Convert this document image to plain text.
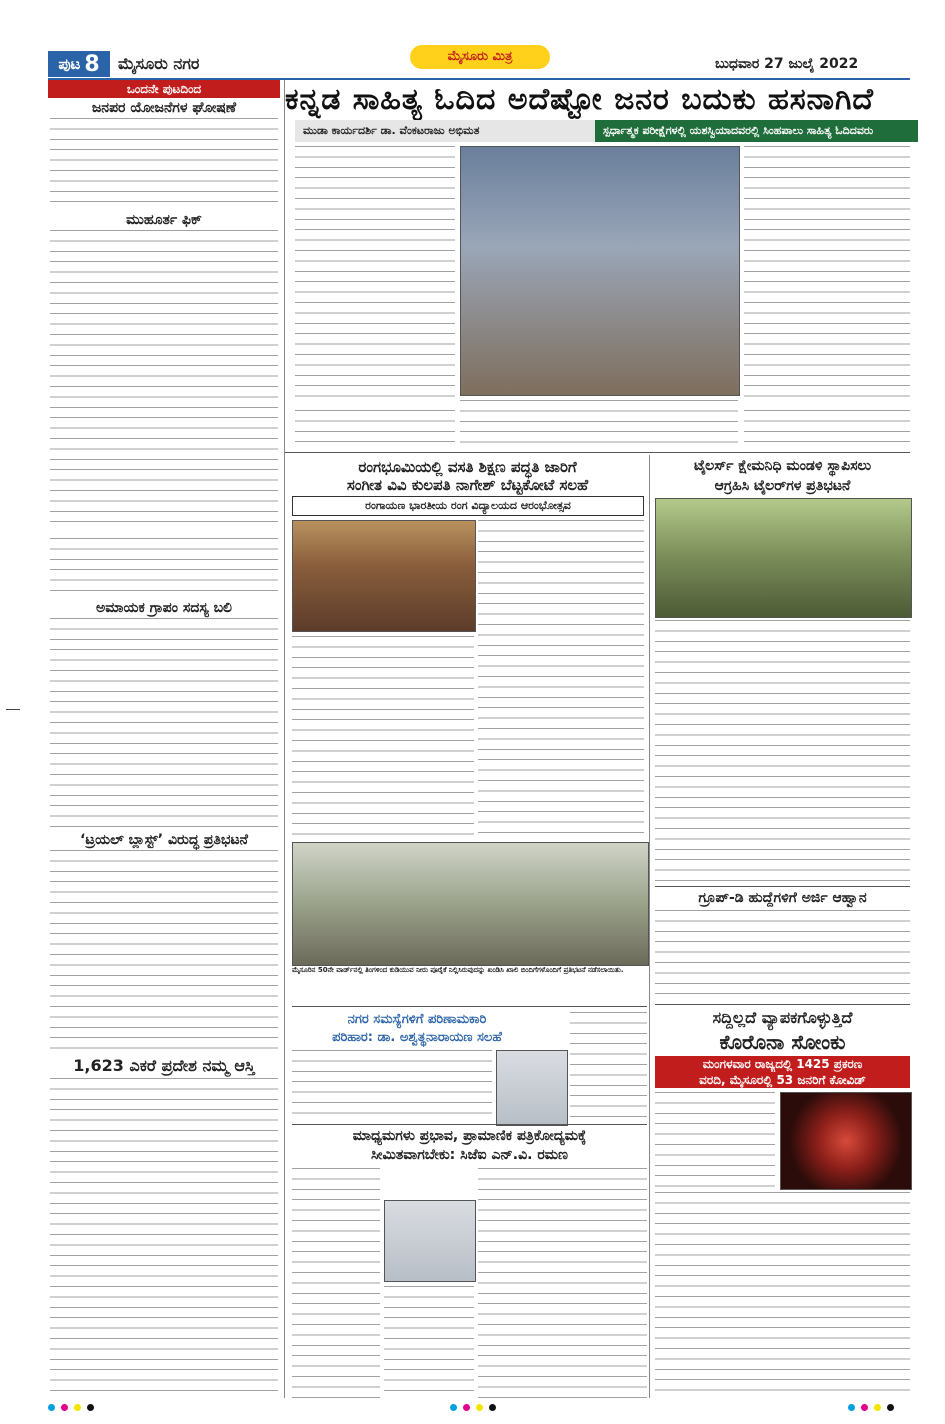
ಪುಟ 8 ಮೈಸೂರು ನಗರ	ಮೈಸೂರು ಮಿತ್ರ	ಬುಧವಾರ 27 ಜುಲೈ 2022
ಒಂದನೇ ಪುಟದಿಂದ
ಜನಪರ ಯೋಜನೆಗಳ ಘೋಷಣೆ
ಮುಹೂರ್ತ ಫಿಕ್
ಅಮಾಯಕ ಗ್ರಾಪಂ ಸದಸ್ಯ ಬಲಿ
‘ಟ್ರಯಲ್ ಬ್ಲಾಸ್ಟ್’ ವಿರುದ್ಧ ಪ್ರತಿಭಟನೆ
1,623 ಎಕರೆ ಪ್ರದೇಶ ನಮ್ಮ ಆಸ್ತಿ
ಕನ್ನಡ ಸಾಹಿತ್ಯ ಓದಿದ ಅದೆಷ್ಟೋ ಜನರ ಬದುಕು ಹಸನಾಗಿದೆ
ಮುಡಾ ಕಾರ್ಯದರ್ಶಿ ಡಾ. ವೆಂಕಟರಾಜು ಅಭಿಮತ	ಸ್ಪರ್ಧಾತ್ಮಕ ಪರೀಕ್ಷೆಗಳಲ್ಲಿ ಯಶಸ್ವಿಯಾದವರಲ್ಲಿ ಸಿಂಹಪಾಲು ಸಾಹಿತ್ಯ ಓದಿದವರು
ರಂಗಭೂಮಿಯಲ್ಲಿ ವಸತಿ ಶಿಕ್ಷಣ ಪದ್ಧತಿ ಜಾರಿಗೆ
ಸಂಗೀತ ವಿವಿ ಕುಲಪತಿ ನಾಗೇಶ್ ಬೆಟ್ಟಕೋಟೆ ಸಲಹೆ
ರಂಗಾಯಣ ಭಾರತೀಯ ರಂಗ ವಿದ್ಯಾಲಯದ ಆರಂಭೋತ್ಸವ
ಮೈಸೂರಿನ 50ನೇ ವಾರ್ಡ್‌ನಲ್ಲಿ ತಿಂಗಳಿಂದ ಕುಡಿಯುವ ನೀರು ಪೂರೈಕೆ ನಿಲ್ಲಿಸಿರುವುದನ್ನು ಖಂಡಿಸಿ ಖಾಲಿ ಬಿಂದಿಗೆಗಳೊಂದಿಗೆ ಪ್ರತಿಭಟನೆ ನಡೆಸಲಾಯಿತು.
ನಗರ ಸಮಸ್ಯೆಗಳಿಗೆ ಪರಿಣಾಮಕಾರಿ
ಪರಿಹಾರ: ಡಾ. ಅಶ್ವತ್ಥನಾರಾಯಣ ಸಲಹೆ
ಮಾಧ್ಯಮಗಳು ಪ್ರಭಾವ, ಪ್ರಾಮಾಣಿಕ ಪತ್ರಿಕೋದ್ಯಮಕ್ಕೆ
ಸೀಮಿತವಾಗಬೇಕು: ಸಿಜೆಐ ಎನ್.ವಿ. ರಮಣ
ಟೈಲರ್ಸ್ ಕ್ಷೇಮನಿಧಿ ಮಂಡಳಿ ಸ್ಥಾಪಿಸಲು
ಆಗ್ರಹಿಸಿ ಟೈಲರ್‌ಗಳ ಪ್ರತಿಭಟನೆ
ಗ್ರೂಪ್-ಡಿ ಹುದ್ದೆಗಳಿಗೆ ಅರ್ಜಿ ಆಹ್ವಾನ
ಸದ್ದಿಲ್ಲದೆ ವ್ಯಾಪಕಗೊಳ್ಳುತ್ತಿದೆ
ಕೊರೊನಾ ಸೋಂಕು
ಮಂಗಳವಾರ ರಾಜ್ಯದಲ್ಲಿ 1425 ಪ್ರಕರಣ
ವರದಿ, ಮೈಸೂರಲ್ಲಿ 53 ಜನರಿಗೆ ಕೋವಿಡ್
